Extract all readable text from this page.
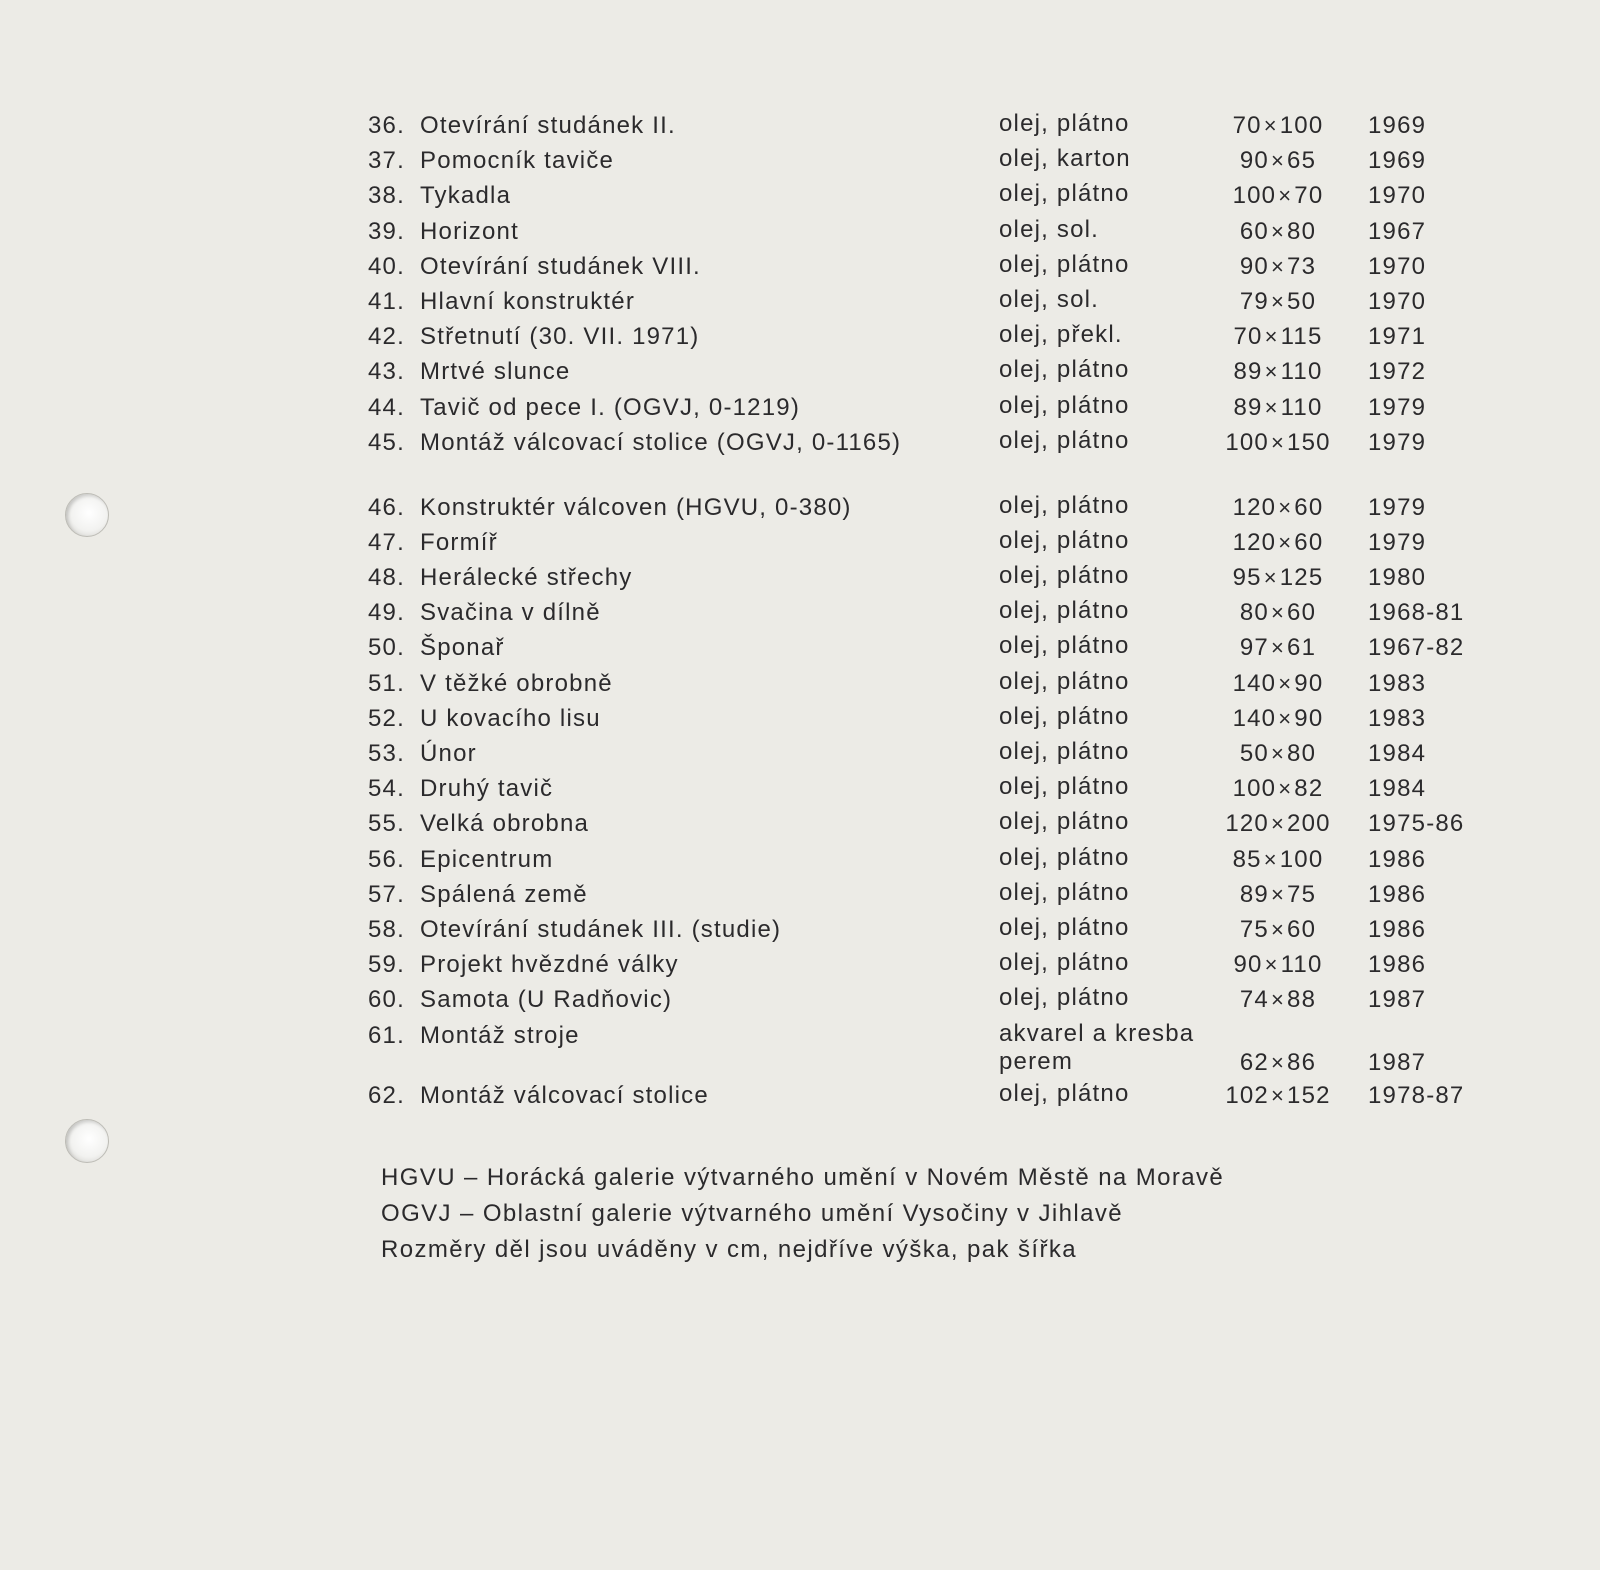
36. Otevírání studánek II.	olej, plátno	70×100	1969
37. Pomocník taviče	olej, karton	90×65	1969
38. Tykadla	olej, plátno	100×70	1970
39. Horizont	olej, sol.	60×80	1967
40. Otevírání studánek VIII.	olej, plátno	90×73	1970
41. Hlavní konstruktér	olej, sol.	79×50	1970
42. Střetnutí (30. VII. 1971)	olej, překl.	70×115	1971
43. Mrtvé slunce	olej, plátno	89×110	1972
44. Tavič od pece I. (OGVJ, 0-1219)	olej, plátno	89×110	1979
45. Montáž válcovací stolice (OGVJ, 0-1165)	olej, plátno	100×150	1979
46. Konstruktér válcoven (HGVU, 0-380)	olej, plátno	120×60	1979
47. Formíř	olej, plátno	120×60	1979
48. Herálecké střechy	olej, plátno	95×125	1980
49. Svačina v dílně	olej, plátno	80×60	1968-81
50. Šponař	olej, plátno	97×61	1967-82
51. V těžké obrobně	olej, plátno	140×90	1983
52. U kovacího lisu	olej, plátno	140×90	1983
53. Únor	olej, plátno	50×80	1984
54. Druhý tavič	olej, plátno	100×82	1984
55. Velká obrobna	olej, plátno	120×200	1975-86
56. Epicentrum	olej, plátno	85×100	1986
57. Spálená země	olej, plátno	89×75	1986
58. Otevírání studánek III. (studie)	olej, plátno	75×60	1986
59. Projekt hvězdné války	olej, plátno	90×110	1986
60. Samota (U Radňovic)	olej, plátno	74×88	1987
61. Montáž stroje	akvarel a kresba perem	62×86	1987
62. Montáž válcovací stolice	olej, plátno	102×152	1978-87
HGVU – Horácká galerie výtvarného umění v Novém Městě na Moravě
OGVJ – Oblastní galerie výtvarného umění Vysočiny v Jihlavě
Rozměry děl jsou uváděny v cm, nejdříve výška, pak šířka
